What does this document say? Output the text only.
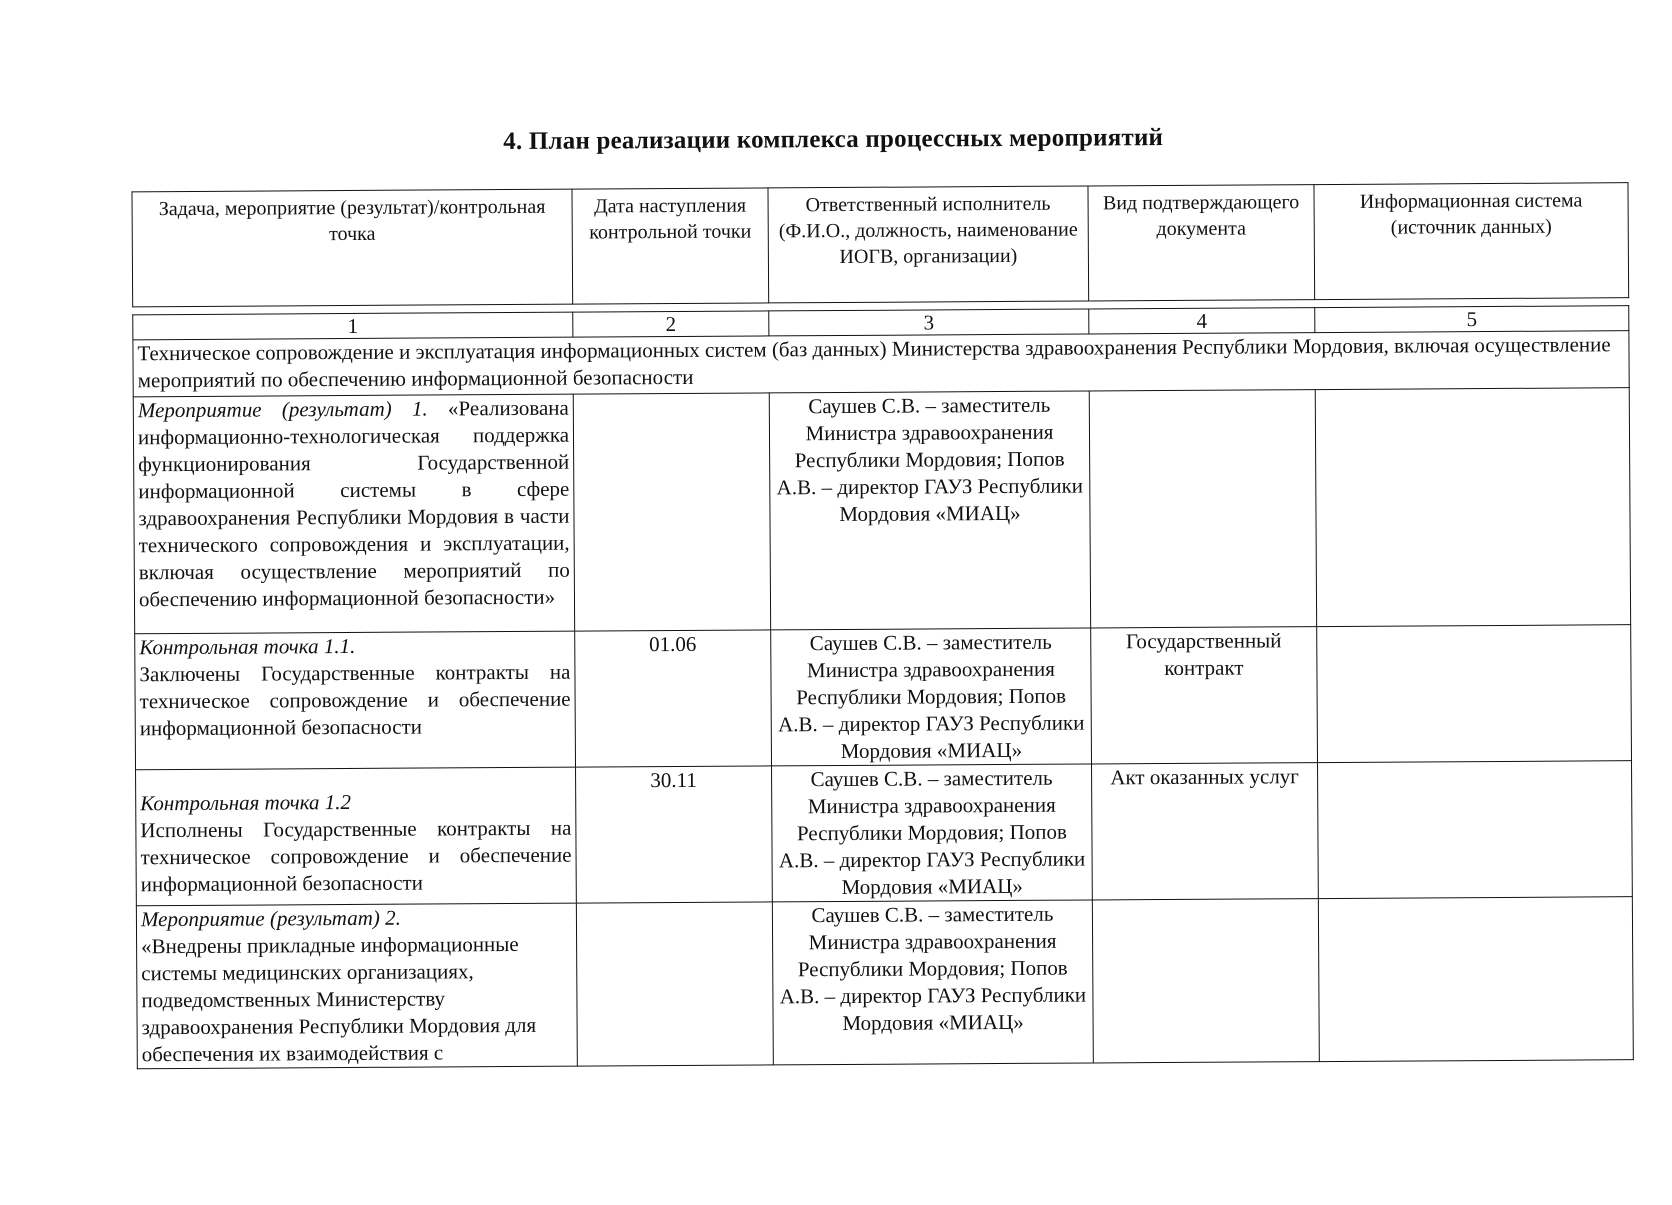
4. План реализации комплекса процессных мероприятий
Задача, мероприятие (результат)/контрольная точка	Дата наступления контрольной точки	Ответственный исполнитель (Ф.И.О., должность, наименование ИОГВ, организации)	Вид подтверждающего документа	Информационная система (источник данных)
1	2	3	4	5
Техническое сопровождение и эксплуатация информационных систем (баз данных) Министерства здравоохранения Республики Мордовия, включая осуществление мероприятий по обеспечению информационной безопасности				
Мероприятие (результат) 1. «Реализована информационно-технологическая поддержка функционирования Государственной информационной системы в сфере здравоохранения Республики Мордовия в части технического сопровождения и эксплуатации, включая осуществление мероприятий по обеспечению информационной безопасности»		Саушев С.В. – заместитель Министра здравоохранения Республики Мордовия; Попов А.В. – директор ГАУЗ Республики Мордовия «МИАЦ»		

Контрольная точка 1.1.
Заключены Государственные контракты на техническое сопровождение и обеспечение информационной безопасности	01.06	Саушев С.В. – заместитель Министра здравоохранения Республики Мордовия; Попов А.В. – директор ГАУЗ Республики Мордовия «МИАЦ»	Государственный контракт	

Контрольная точка 1.2
Исполнены Государственные контракты на техническое сопровождение и обеспечение информационной безопасности	30.11	Саушев С.В. – заместитель Министра здравоохранения Республики Мордовия; Попов А.В. – директор ГАУЗ Республики Мордовия «МИАЦ»	Акт оказанных услуг	

Мероприятие (результат) 2.
«Внедрены прикладные информационные системы медицинских организациях, подведомственных Министерству здравоохранения Республики Мордовия для обеспечения их взаимодействия с		Саушев С.В. – заместитель Министра здравоохранения Республики Мордовия; Попов А.В. – директор ГАУЗ Республики Мордовия «МИАЦ»		
